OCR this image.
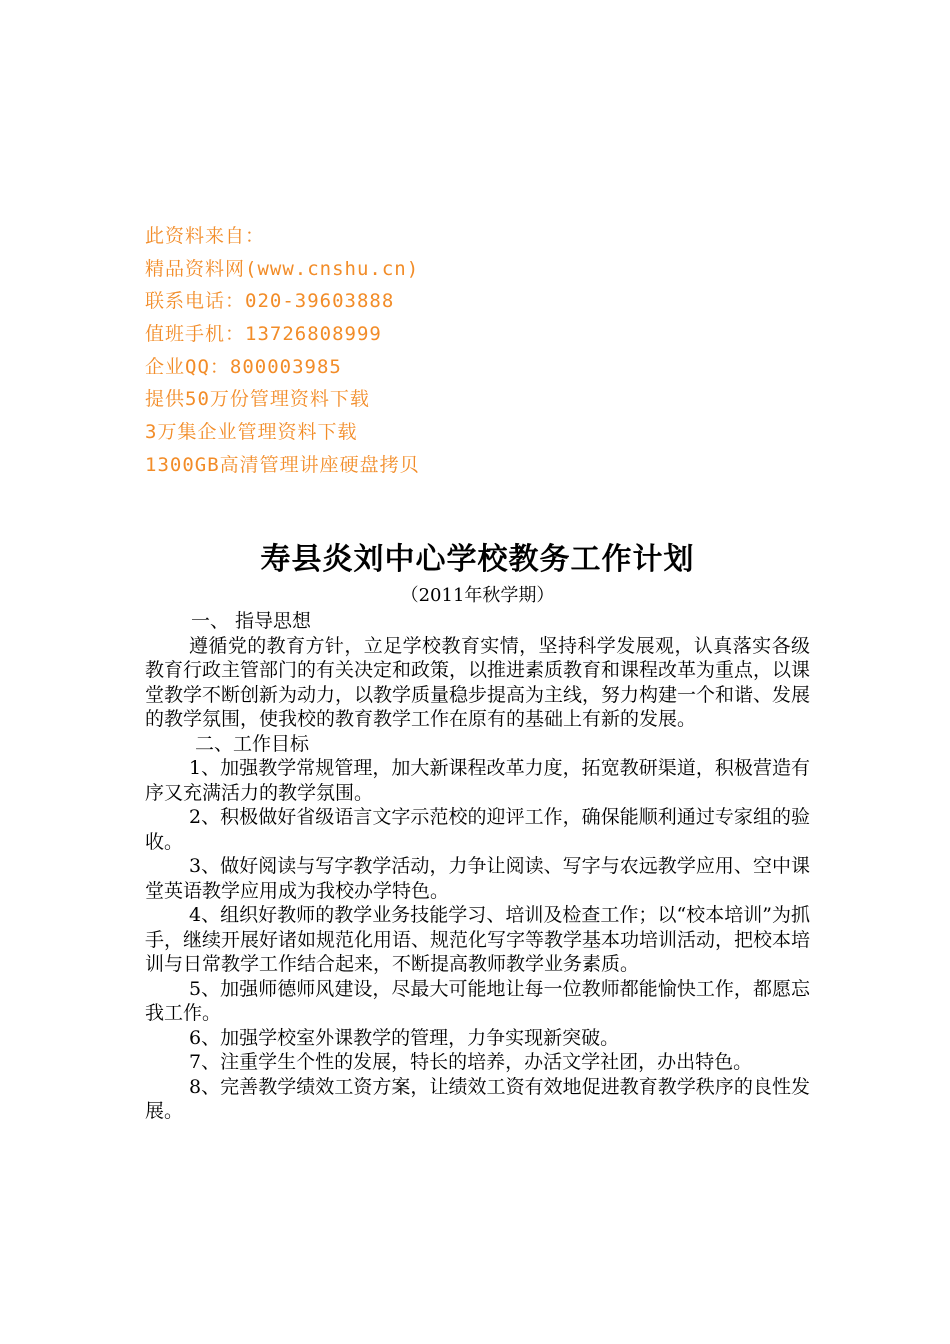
此资料来自：
精品资料网(www.cnshu.cn)
联系电话：020-39603888
值班手机：13726808999
企业QQ：800003985
提供50万份管理资料下载
3万集企业管理资料下载
1300GB高清管理讲座硬盘拷贝
寿县炎刘中心学校教务工作计划

（2011年秋学期）

一、 指导思想

遵循党的教育方针，立足学校教育实情，坚持科学发展观，认真落实各级教育行政主管部门的有关决定和政策，以推进素质教育和课程改革为重点，以课堂教学不断创新为动力，以教学质量稳步提高为主线，努力构建一个和谐、发展的教学氛围，使我校的教育教学工作在原有的基础上有新的发展。

二、工作目标

1、加强教学常规管理，加大新课程改革力度，拓宽教研渠道，积极营造有序又充满活力的教学氛围。

2、积极做好省级语言文字示范校的迎评工作，确保能顺利通过专家组的验收。

3、做好阅读与写字教学活动，力争让阅读、写字与农远教学应用、空中课堂英语教学应用成为我校办学特色。

4、组织好教师的教学业务技能学习、培训及检查工作；以“校本培训”为抓手，继续开展好诸如规范化用语、规范化写字等教学基本功培训活动，把校本培训与日常教学工作结合起来，不断提高教师教学业务素质。

5、加强师德师风建设，尽最大可能地让每一位教师都能愉快工作，都愿忘我工作。

6、加强学校室外课教学的管理，力争实现新突破。

7、注重学生个性的发展，特长的培养，办活文学社团，办出特色。

8、完善教学绩效工资方案，让绩效工资有效地促进教育教学秩序的良性发展。
